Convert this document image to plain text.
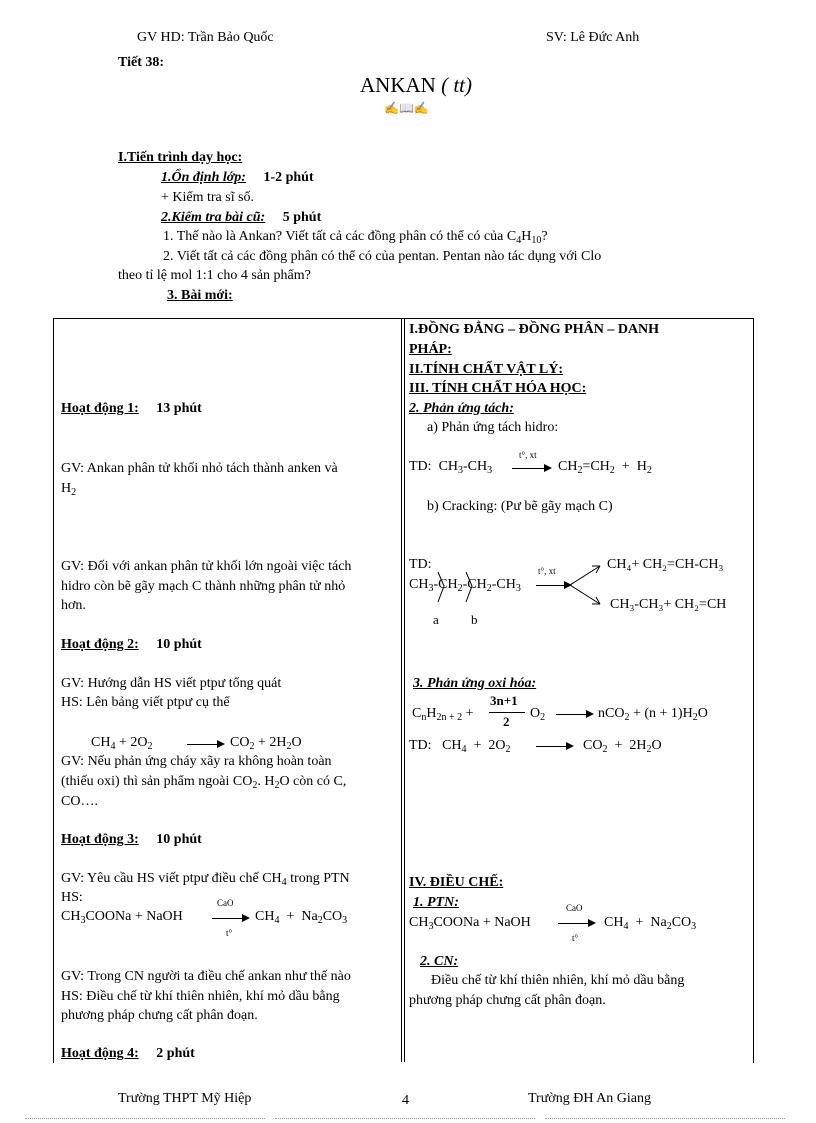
GV HD: Trần Bảo Quốc	SV: Lê Đức Anh
Tiết 38:
ANKAN ( tt)
✍📖✍
I.Tiến trình dạy học:
1.Ổn định lớp: 1-2 phút
+ Kiểm tra sĩ số.
2.Kiểm tra bài cũ: 5 phút
1. Thế nào là Ankan? Viết tất cả các đồng phân có thể có của $C_4H_{10}$?
2. Viết tất cả các đồng phân có thể có của pentan. Pentan nào tác dụng với Clo
theo tỉ lệ mol 1:1 cho 4 sản phẩm?
3. Bài mới:
Hoạt động 1: 13 phút
GV: Ankan phân tử khối nhỏ tách thành anken và
$H_2$
GV: Đối với ankan phân tử khối lớn ngoài việc tách
hidro còn bẽ gãy mạch C thành những phân tử nhỏ
hơn.
Hoạt động 2: 10 phút
GV: Hướng dẫn HS viết ptpư tổng quát
HS: Lên bảng viết ptpư cụ thể
$CH_4 + 2O_2$	$CO_2 + 2H_2O$
GV: Nếu phản ứng cháy xãy ra không hoàn toàn
(thiếu oxi) thì sản phẩm ngoài $CO_2$. $H_2O$ còn có C,
CO….
Hoạt động 3: 10 phút
GV: Yêu cầu HS viết ptpư điều chế $CH_4$ trong PTN
HS:
$CH_3COONa$ + NaOH
CaO
t°
$CH_4 + Na_2CO_3$
GV: Trong CN người ta điều chế ankan như thế nào
HS: Điều chế từ khí thiên nhiên, khí mỏ dầu bằng
phương pháp chưng cất phân đoạn.
Hoạt động 4: 2 phút
I.ĐỒNG ĐẲNG – ĐỒNG PHÂN – DANH
PHÁP:
II.TÍNH CHẤT VẬT LÝ:
III. TÍNH CHẤT HÓA HỌC:
2. Phản ứng tách:
a) Phản ứng tách hidro:
TD:  $CH_3-CH_3$
t°, xt
$CH_2=CH_2 + H_2$
b) Cracking: (Pư bẽ gãy mạch C)
TD:
$CH_3-CH_2-CH_2-CH_3$
a b
t°, xt	CH₄+ CH₂=CH-CH₃
CH₃-CH₃+ CH₂=CH
3. Phản ứng oxi hóa:
$C_nH_{2n + 2}$ +
3n+1
2
$O_2$	$nCO_2 + (n + 1)H_2O$
TD:   $CH_4 + 2O_2$	$CO_2 + 2H_2O$
IV. ĐIỀU CHẾ:
1. PTN:
$CH_3COONa$ + NaOH
CaO
t°
$CH_4 + Na_2CO_3$
2. CN:
Điều chế từ khí thiên nhiên, khí mỏ dầu bằng
phương pháp chưng cất phân đoạn.
Trường THPT Mỹ Hiệp	4	Trường ĐH An Giang
